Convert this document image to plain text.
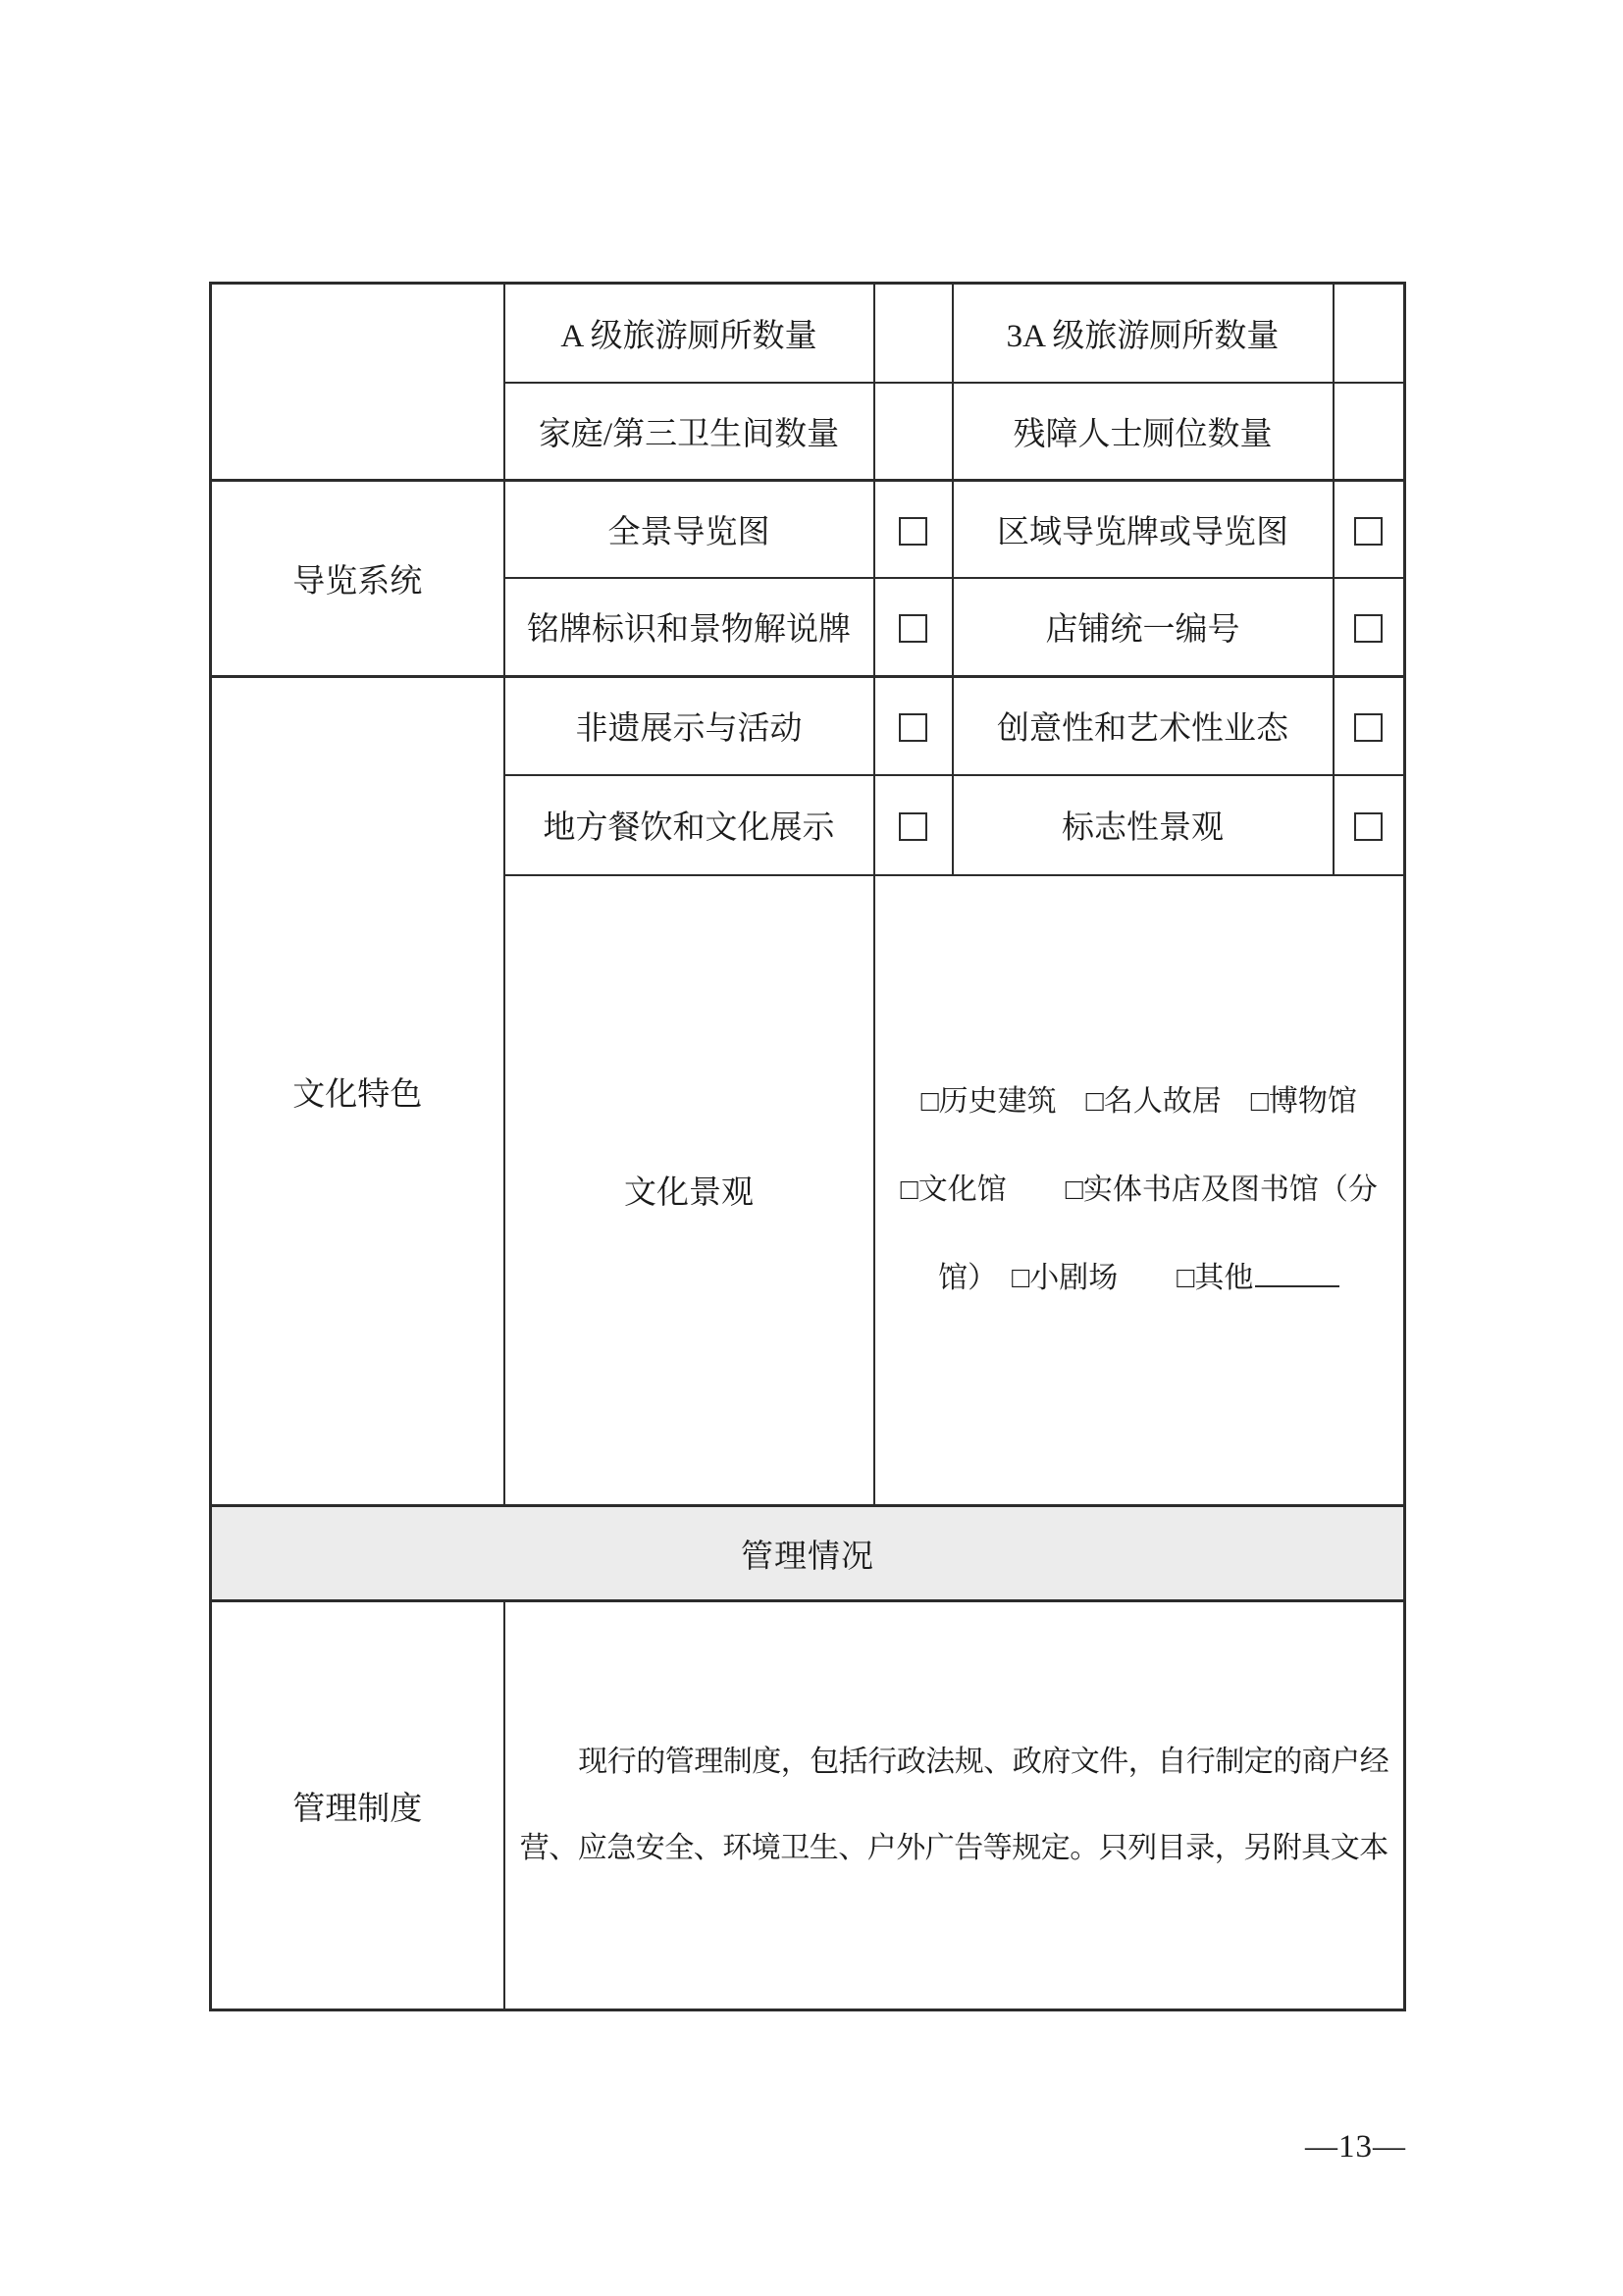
	A 级旅游厕所数量		3A 级旅游厕所数量	
	家庭/第三卫生间数量		残障人士厕位数量	
导览系统	全景导览图		区域导览牌或导览图	
	铭牌标识和景物解说牌		店铺统一编号	
文化特色	非遗展示与活动		创意性和艺术性业态	
	地方餐饮和文化展示		标志性景观	
	文化景观	□历史建筑　□名人故居　□博物馆
□文化馆　　□实体书店及图书馆（分
馆）　□小剧场　　□其他		

管理情况				
管理制度	现行的管理制度，包括行政法规、政府文件，自行制定的商户经
营、应急安全、环境卫生、户外广告等规定。只列目录，另附具文本			
—13—
